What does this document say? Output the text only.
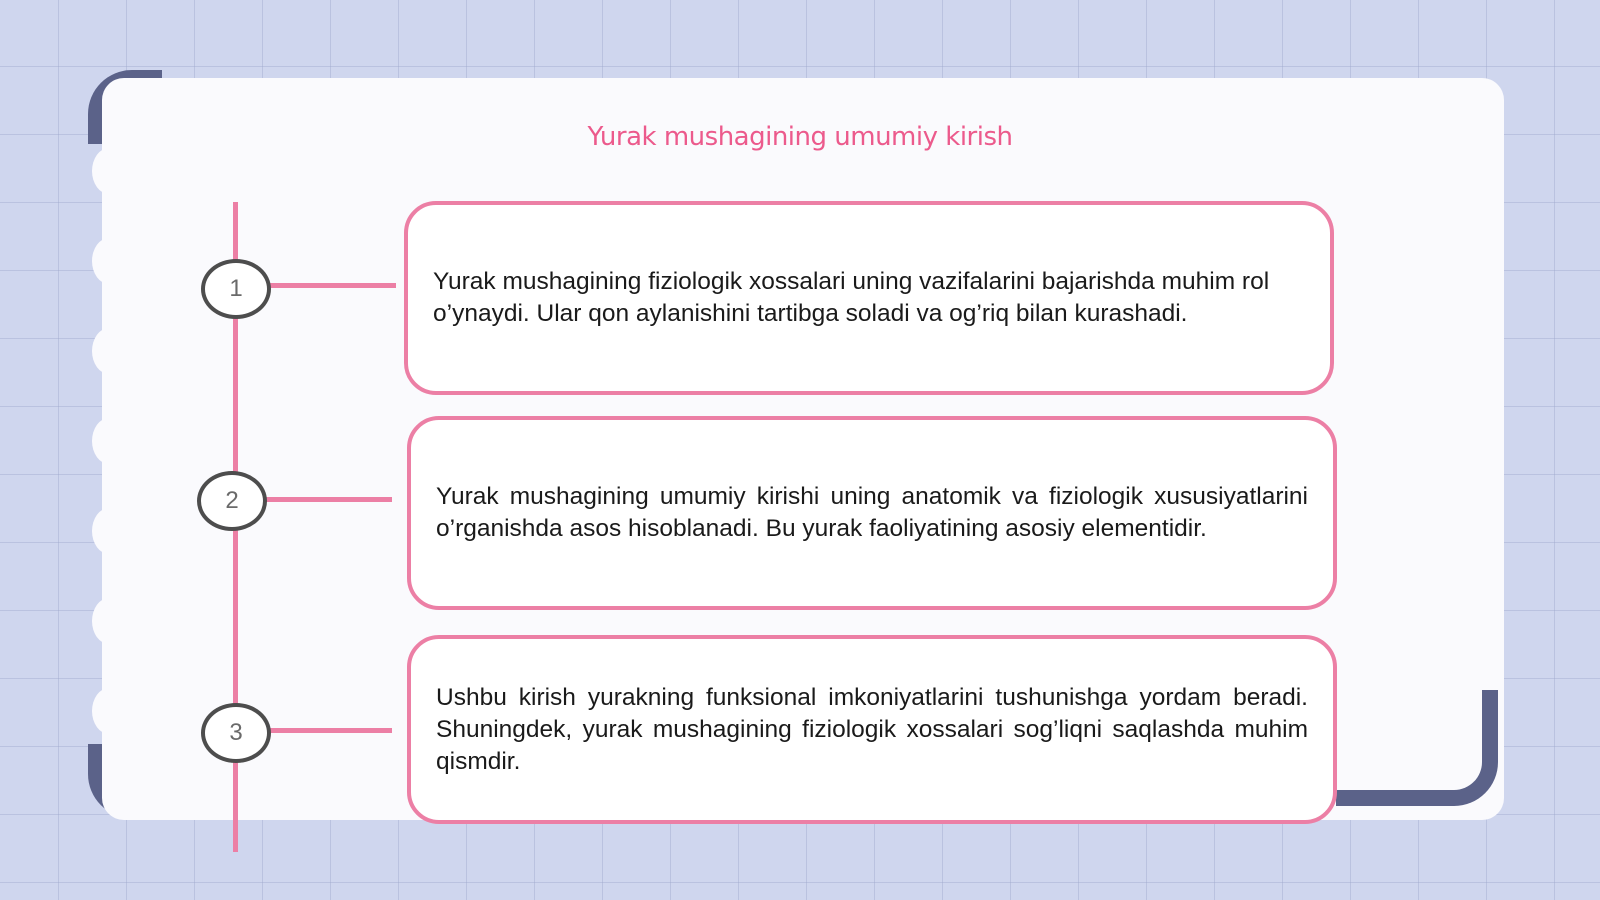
Yurak mushagining umumiy kirish
1
2
3
Yurak mushagining fiziologik xossalari uning vazifalarini bajarishda muhim rol o’ynaydi. Ular qon aylanishini tartibga soladi va og’riq bilan kurashadi.
Yurak mushagining umumiy kirishi uning anatomik va fiziologik xususiyatlarini o’rganishda asos hisoblanadi. Bu yurak faoliyatining asosiy elementidir.
Ushbu kirish yurakning funksional imkoniyatlarini tushunishga yordam beradi. Shuningdek, yurak mushagining fiziologik xossalari sog’liqni saqlashda muhim qismdir.
